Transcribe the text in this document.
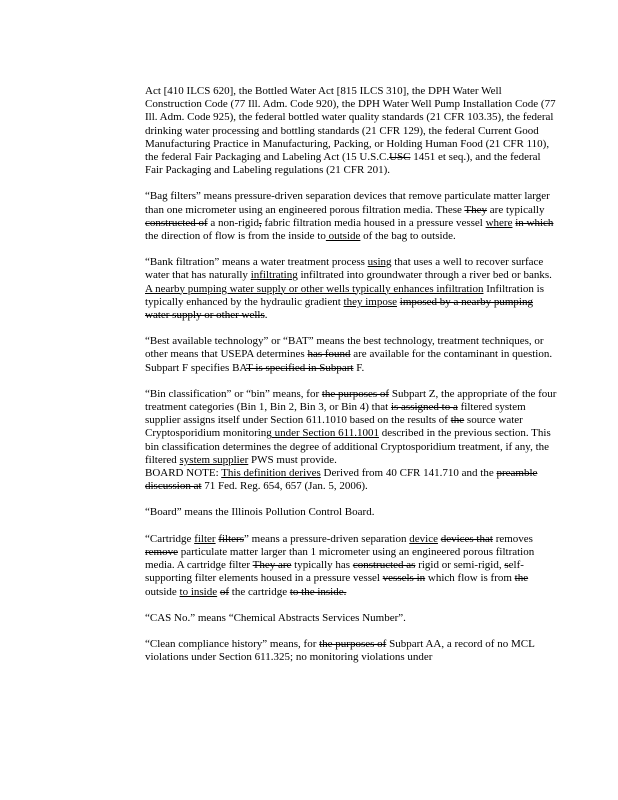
Act [410 ILCS 620], the Bottled Water Act [815 ILCS 310], the DPH Water Well Construction Code (77 Ill. Adm. Code 920), the DPH Water Well Pump Installation Code (77 Ill. Adm. Code 925), the federal bottled water quality standards (21 CFR 103.35), the federal drinking water processing and bottling standards (21 CFR 129), the federal Current Good Manufacturing Practice in Manufacturing, Packing, or Holding Human Food (21 CFR 110), the federal Fair Packaging and Labeling Act (15 U.S.C.USC 1451 et seq.), and the federal Fair Packaging and Labeling regulations (21 CFR 201).

“Bag filters” means pressure-driven separation devices that remove particulate matter larger than one micrometer using an engineered porous filtration media. These They are typically constructed of a non-rigid, fabric filtration media housed in a pressure vessel where in which the direction of flow is from the inside to outside of the bag to outside.

“Bank filtration” means a water treatment process using that uses a well to recover surface water that has naturally infiltrating infiltrated into groundwater through a river bed or banks. A nearby pumping water supply or other wells typically enhances infiltration Infiltration is typically enhanced by the hydraulic gradient they impose imposed by a nearby pumping water supply or other wells.

“Best available technology” or “BAT” means the best technology, treatment techniques, or other means that USEPA determines has found are available for the contaminant in question. Subpart F specifies BAT is specified in Subpart F.

“Bin classification” or “bin” means, for the purposes of Subpart Z, the appropriate of the four treatment categories (Bin 1, Bin 2, Bin 3, or Bin 4) that is assigned to a filtered system supplier assigns itself under Section 611.1010 based on the results of the source water Cryptosporidium monitoring under Section 611.1001 described in the previous section. This bin classification determines the degree of additional Cryptosporidium treatment, if any, the filtered system supplier PWS must provide.

BOARD NOTE: This definition derives Derived from 40 CFR 141.710 and the preamble discussion at 71 Fed. Reg. 654, 657 (Jan. 5, 2006).

“Board” means the Illinois Pollution Control Board.

“Cartridge filter filters” means a pressure-driven separation device devices that removes remove particulate matter larger than 1 micrometer using an engineered porous filtration media. A cartridge filter They are typically has constructed as rigid or semi-rigid, self-supporting filter elements housed in a pressure vessel vessels in which flow is from the outside to inside of the cartridge to the inside.

“CAS No.” means “Chemical Abstracts Services Number”.

“Clean compliance history” means, for the purposes of Subpart AA, a record of no MCL violations under Section 611.325; no monitoring violations under
